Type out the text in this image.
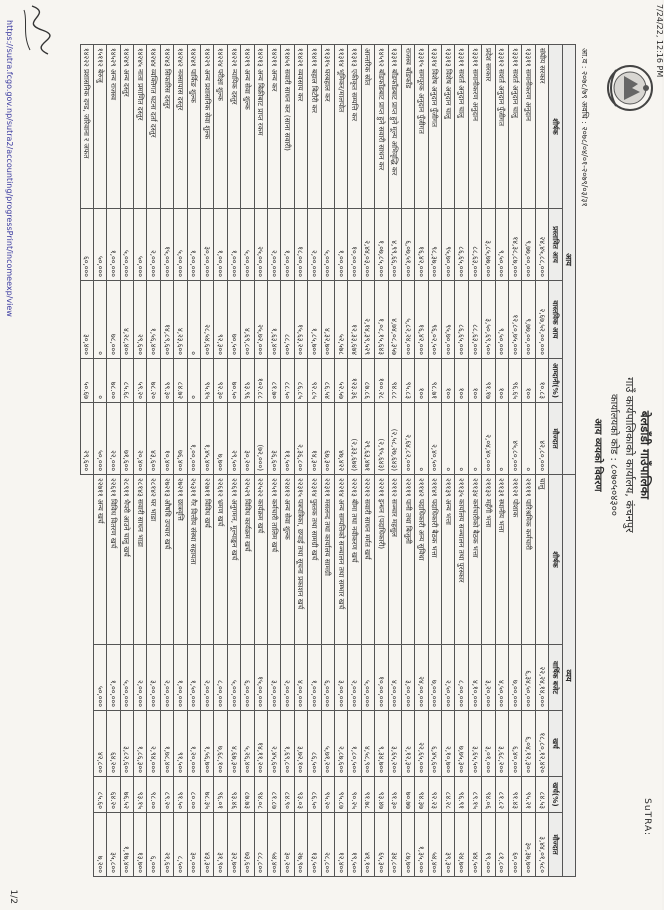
7/24/22, 12:16 PM
SuTRA:
बेलडाँडी गाउँपालिका
गाउँ कार्यपालिकाको कार्यालय, कंचनपुर
कार्यालयको कोड : ८०७०५०४३००
आय व्ययको विवरण
आ.व : २०७८/७९ अवधि : २०७८/०४/०१-२०७९/०३/३१
आय				
शीर्षक	प्रस्तावित आय	वास्तविक आय	आम्दानी(%)	मौज्दात
संघीय सरकार	२४,४५,८८,०००	२,६७,५२,००,०००	१०.८३	४२,८०,०००
१३३११ समानीकरण अनुदान	९,७७,००,०००	९,७७,००,०००	१००	०
१३३११ सशर्त अनुदान चालु	१४,३८,८७,०००	१२,८०,७५,०००	९६.६५	४५,८०,०००
१३३१२ सशर्त अनुदान पुँजीगत	९,५०,०००	९,५०,०००	१००	०
प्रदेश सरकार	३,८५,७७,०००	३,५०,६९,५००	९१.१७	२,०४,४०,०००
१३३११ समानीकरण अनुदान	८८,६३,०००	८८,६३,०००	१००	०
१३३११ सशर्त अनुदान चालु	८६,६५,०००	८६,६५,०००	१००	०
१३३१३ विशेष अनुदान चालु	९५,७०,०००	९५,७०,०००	१००	०
१३३१४ विशेष अनुदान पुँजीगत	९८,३७,०००	९६,०२,५००	९८.७१	२,४०,५००
१३३१५ समपूरक अनुदान पुँजीगत	१६,४२,०००	१६,४२,०००	१००	०
राजस्व बाँडफाँड	६,०७,५१,०००	५,८२,२४,०००	९५.८३	२,६४,८२,०००
१३३११ बाँडफाँडबाट प्राप्त हुने मूल्य अभिवृद्धि कर	४,९९,६६,०००	४,७४,०८,३५७	९४.८८	(२,५८,२७,६४३)
१४५९२ बाँडफाँडबाट प्राप्त हुने सवारी साधन कर	१,०७,८५,०००	१,०८,१५,६४३	१००.२८	(२,९५,६४३)
आन्तरिक स्रोत	२,४४,०३,०००	२,१४,३९,५२९	८७.८६	२९,६३,४७१
११३१३ एकीकृत सम्पत्ति कर	१०,००,०००	१२,३३,६७४	१२३.३६	(२,३३,६७४)
११३१४ भूमिकर/मालपोत	१,००,०००	५२,५७८	५२.५७	४७,४२२
११३१५ घरबहाल कर	५,००,०००	४,३२,७००	८६.५४	६७,३००
११४११ बहाल बिटौरी कर	२,००,०००	१,८५,७००	९२.८५	१४,३००
११४२१ व्यवसाय कर	१८,००,०००	१५,६३,२००	८६.८५	२,३६,८००
११४५१ सवारी साधन कर (साना सवारी)	१,००,०००	८८,५००	८८.५०	११,५००
१४२११ अन्य कर	२,००,०००	१,६३,४००	८१.७०	३६,६००
१४२१३ अन्य बिक्रीबाट प्राप्त रकम	२५,००,०००	२५,७२,०००	१०२.८८	(७२,०००)
१४२१९ अन्य सेवा शुल्क	५,००,०००	४,६९,८००	९३.९६	३०,२००
१४२२१ न्यायिक दस्तुर	१,००,०००	७०,५००	७०.५०	२९,५००
१४२२४ परीक्षा शुल्क	१,००,०००	९२,३००	९२.३०	७,७००
१४२२९ अन्य प्रशासनिक सेवा शुल्क	३०,००,०००	२८,५४,६००	९५.१५	१,४५,४००
१४२४१ पार्किङ शुल्क	१,००,०००	०	०	१,००,०००
१४२४२ नक्सापास दस्तुर	५,००,०००	४,२३,६००	८४.७२	७६,४००
१४२४३ सिफारिस दस्तुर	१५,००,०००	१४,८९,६००	९९.३०	१०,४००
१४२४४ व्यक्तिगत घटना दर्ता दस्तुर	२,००,०००	१,५६,४००	७८.२०	४३,६००
१४२४५ नाता प्रमाणित दस्तुर	५०,०००	२९,६००	५९.२०	२०,४००
१४२४९ अन्य दस्तुर	५,००,०००	४,२८,४००	८५.६८	७१,६००
१४५२९ अन्य राजस्व	१,००,०००	७८,०००	७८.००	२२,०००
१५११२ बेरुजु	५०,०००	०	०	५०,०००
१४२२२ प्रशासनिक दण्ड, जरिवाना र जफत	६०,०००	३०,४००	५०.६७	२९,६००
व्यय				
शीर्षक	वार्षिक बजेट	खर्च	खर्च(%)	मौज्दात
चालु	२२,२४,१४,०००	१८,८०,१२,४२०	८४.५३	३,४४,०१,५८०
२११११ पारिश्रमिक कर्मचारी	६,३४,५०,०००	६,०४,१२,३००	९५.२१	३०,३७,७००
२११२१ पोशाक	७,००,०००	६,४०,०००	९१.४३	६०,०००
२११३१ स्थानीय भत्ता	४,५०,०००	३,६८,२००	८१.८२	८१,८००
२११३२ महँगी भत्ता	३,२०,०००	३,०१,०००	९४.०६	१९,०००
२११३४ कर्मचारीको बैठक भत्ता	४,१०,०००	३,६५,५००	८९.१५	४४,५००
२११३५ कार्यालय सञ्चालन तथा पुरस्कार	८,००,०००	७,७५,३००	९६.९१	२४,७००
२११३९ अन्य भत्ता	२,५०,०००	२,१०,७००	८४.२८	३९,३००
२११४१ पदाधिकारी बैठक भत्ता	७,००,०००	६,४५,६००	९२.२३	५४,४००
२११४२ पदाधिकारी अन्य सुविधा	२४,००,०००	२२,६५,०००	९४.३७	१,३५,०००
२२१११ पानी तथा बिजुली	३,००,०००	२,१२,३००	७०.७७	८७,७००
२२११२ सञ्चार महसुल	४,००,०००	३,६५,२००	९१.३०	३४,८००
२२२११ इन्धन (पदाधिकारी)	१०,००,०००	९,३४,७००	९३.४७	६५,३००
२२२१२ सवारी साधन मर्मत खर्च	५,००,०००	४,५८,९००	९१.७८	४१,१००
२२२१३ बीमा तथा नवीकरण खर्च	२,००,०००	१,८०,५००	९०.२५	१९,५००
२२२१४ अन्य सम्पत्तिको सञ्चालन तथा सम्भार खर्च	३,००,०००	२,८७,६००	९५.८७	१२,४००
२२३११ मसलन्द तथा कार्यालय सामग्री	६,००,०००	५,७१,२००	९५.२०	२८,८००
२२३१४ पुस्तक तथा सामग्री खर्च	१,००,०००	८६,५००	८६.५०	१३,५००
२२३१५ पत्रपत्रिका, छपाई तथा सूचना प्रकाशन खर्च	४,००,०००	३,७२,१००	९३.०३	२७,९००
२२४१२ अन्य सेवा शुल्क	२,००,०००	१,६९,८००	८४.९०	३०,२००
२२५११ कर्मचारी तालिम खर्च	३,००,०००	२,४५,६००	८१.८७	५४,४००
२२५२२ कार्यक्रम खर्च	१५,००,०००	१४,११,२००	९४.०८	८८,८००
२२५२९ विविध कार्यक्रम खर्च	६,००,०००	५,२६,४००	८७.७३	७३,६००
२२६११ अनुगमन, मूल्याङ्कन खर्च	५,००,०००	४,६७,३००	९३.४६	३२,७००
२२६१२ भ्रमण खर्च	८,००,०००	७,६८,१००	९६.०१	३१,९००
२२७११ विविध खर्च	२,००,०००	१,५६,७००	७८.३५	४३,३००
२५३११ गैर वित्तीय संस्था सहायता	१,५०,०००	१,२०,०००	८०.००	३०,०००
२७२११ छात्रवृत्ति	१,००,०००	९१,५००	९१.५०	८,५००
२७२१३ औषधि उपचार खर्च	२,००,०००	१,७८,४००	८९.२०	२१,६००
२८१४२ घर भाडा	३,००,०००	२,९४,०००	९८.००	६,०००
२८१४३ सवारी साधन भाडा	२,००,०००	१,८६,३००	९३.१५	१३,७००
२८९११ भैपरी आउने चालु खर्च	५,००,०००	३,८२,६००	७६.५२	१,१७,४००
२२६११ विविध वितरण खर्च	१,००,०००	६४,२००	६४.२०	३५,८००
२२७११ अन्य खर्च	५०,०००	४२,८००	८५.६०	७,२००
https://sutra.fcgo.gov.np/sutra2/accounting/progressPrint/incomeexp/view
1/2
